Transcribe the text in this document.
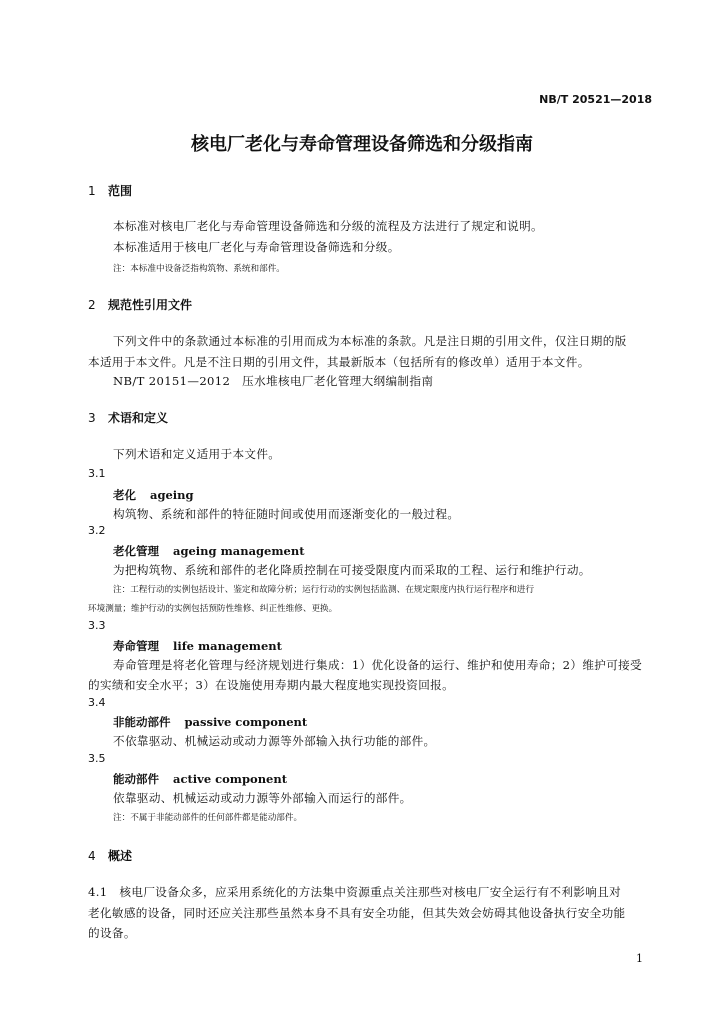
NB/T 20521—2018
核电厂老化与寿命管理设备筛选和分级指南
1 范围
本标准对核电厂老化与寿命管理设备筛选和分级的流程及方法进行了规定和说明。
本标准适用于核电厂老化与寿命管理设备筛选和分级。
注：本标准中设备泛指构筑物、系统和部件。
2 规范性引用文件
下列文件中的条款通过本标准的引用而成为本标准的条款。凡是注日期的引用文件，仅注日期的版
本适用于本文件。凡是不注日期的引用文件，其最新版本（包括所有的修改单）适用于本文件。
NB/T 20151—2012　压水堆核电厂老化管理大纲编制指南
3 术语和定义
下列术语和定义适用于本文件。
3.1
老化 ageing
构筑物、系统和部件的特征随时间或使用而逐渐变化的一般过程。
3.2
老化管理 ageing management
为把构筑物、系统和部件的老化降质控制在可接受限度内而采取的工程、运行和维护行动。
注：工程行动的实例包括设计、鉴定和故障分析；运行行动的实例包括监测、在规定限度内执行运行程序和进行
环境测量；维护行动的实例包括预防性维修、纠正性维修、更换。
3.3
寿命管理 life management
寿命管理是将老化管理与经济规划进行集成：1）优化设备的运行、维护和使用寿命；2）维护可接受
的实绩和安全水平；3）在设施使用寿期内最大程度地实现投资回报。
3.4
非能动部件 passive component
不依靠驱动、机械运动或动力源等外部输入执行功能的部件。
3.5
能动部件 active component
依靠驱动、机械运动或动力源等外部输入而运行的部件。
注：不属于非能动部件的任何部件都是能动部件。
4 概述
4.1　核电厂设备众多，应采用系统化的方法集中资源重点关注那些对核电厂安全运行有不利影响且对
老化敏感的设备，同时还应关注那些虽然本身不具有安全功能，但其失效会妨碍其他设备执行安全功能
的设备。
1
